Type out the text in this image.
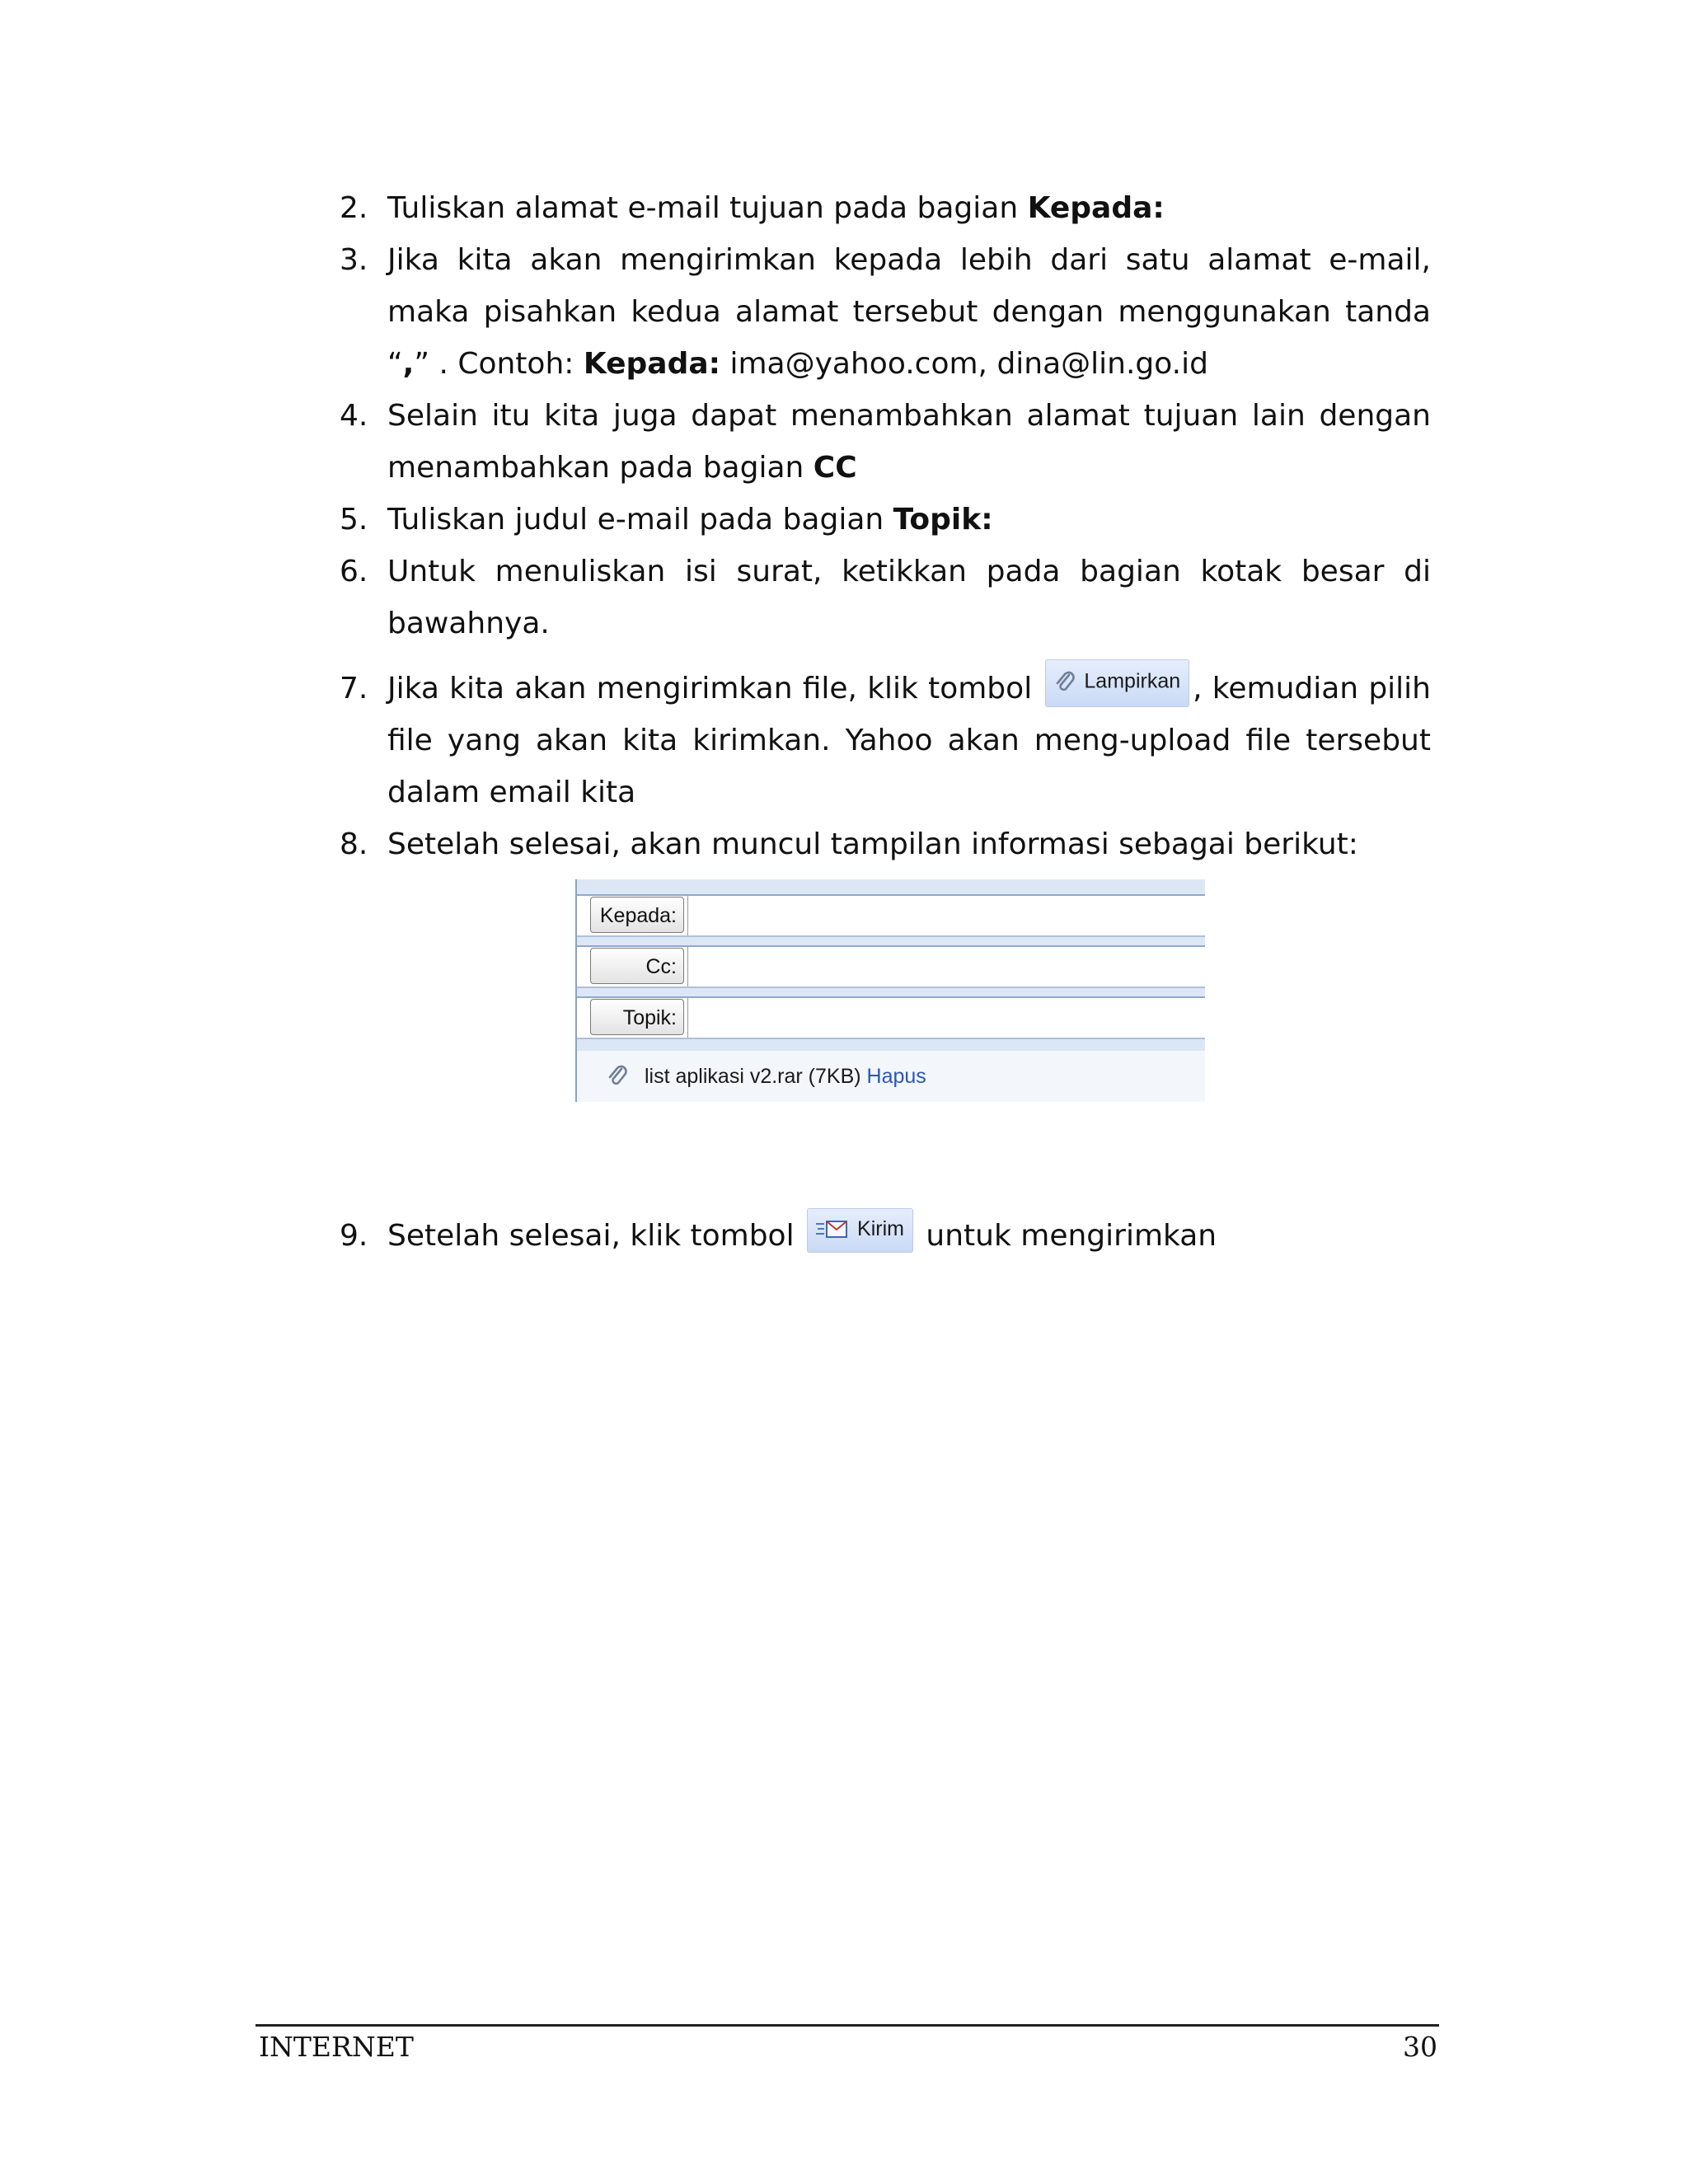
2. Tuliskan alamat e-mail tujuan pada bagian Kepada:
3. Jika kita akan mengirimkan kepada lebih dari satu alamat e-mail, maka pisahkan kedua alamat tersebut dengan menggunakan tanda “,” . Contoh: Kepada: ima@yahoo.com, dina@lin.go.id
4. Selain itu kita juga dapat menambahkan alamat tujuan lain dengan menambahkan pada bagian CC
5. Tuliskan judul e-mail pada bagian Topik:
6. Untuk menuliskan isi surat, ketikkan pada bagian kotak besar di bawahnya.
7. Jika kita akan mengirimkan file, klik tombol Lampirkan , kemudian pilih file yang akan kita kirimkan. Yahoo akan meng-upload file tersebut dalam email kita
8. Setelah selesai, akan muncul tampilan informasi sebagai berikut:
9. Setelah selesai, klik tombol	Kirim untuk mengirimkan
Kepada:
Cc:
Topik:
list aplikasi v2.rar (7KB) Hapus
INTERNET	30
